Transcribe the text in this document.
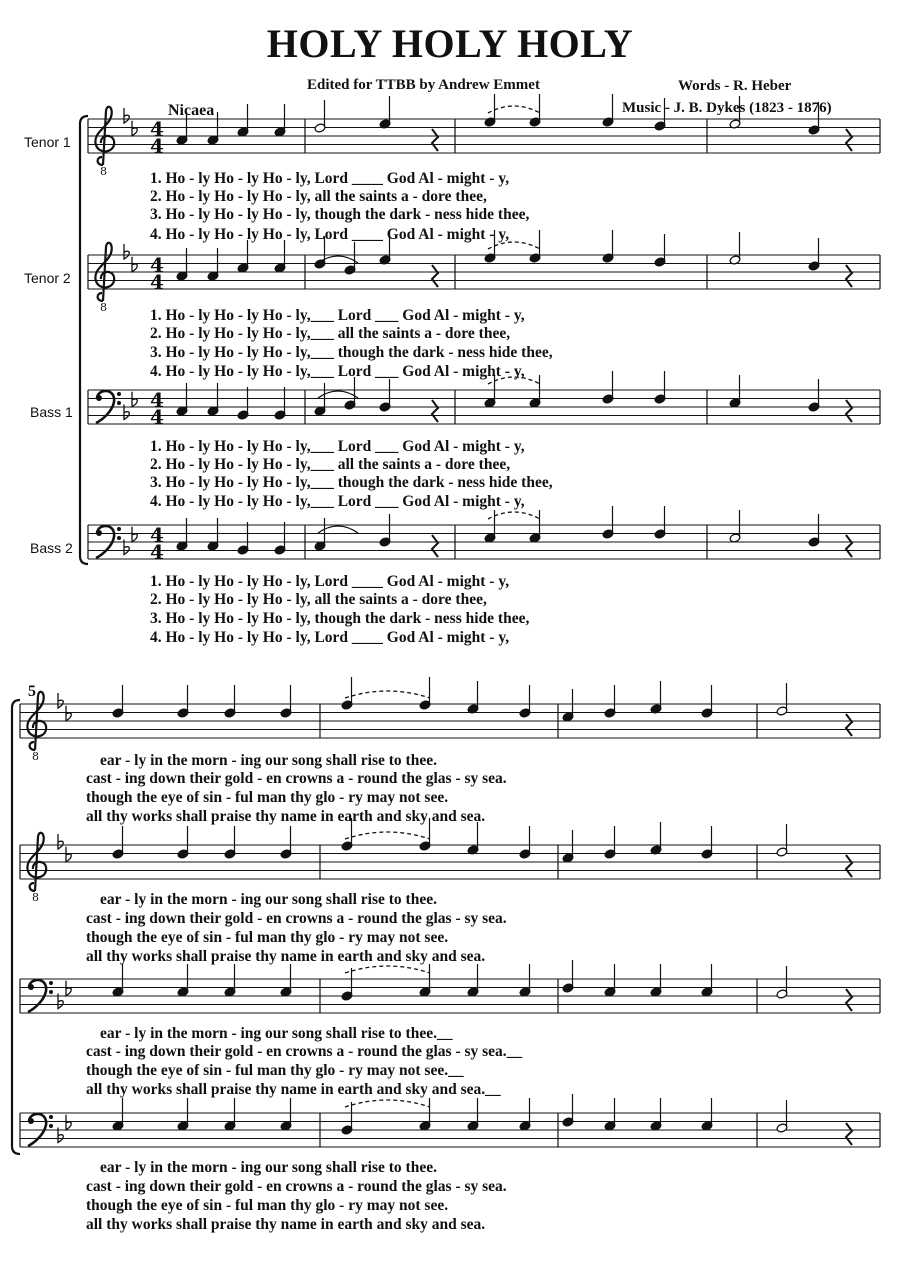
HOLY HOLY HOLY
Edited for TTBB by Andrew Emmet	Words - R. Heber
Music - J. B. Dykes (1823 - 1876)
Nicaea
Tenor 1
Tenor 2
Bass 1
Bass 2
5
1. Ho - ly Ho - ly Ho - ly, Lord ____ God Al - might - y,
2. Ho - ly Ho - ly Ho - ly, all the saints a - dore thee,
3. Ho - ly Ho - ly Ho - ly, though the dark - ness hide thee,
4. Ho - ly Ho - ly Ho - ly, Lord ____ God Al - might - y,
1. Ho - ly Ho - ly Ho - ly,___ Lord ___ God Al - might - y,
2. Ho - ly Ho - ly Ho - ly,___ all the saints a - dore thee,
3. Ho - ly Ho - ly Ho - ly,___ though the dark - ness hide thee,
4. Ho - ly Ho - ly Ho - ly,___ Lord ___ God Al - might - y,
1. Ho - ly Ho - ly Ho - ly,___ Lord ___ God Al - might - y,
2. Ho - ly Ho - ly Ho - ly,___ all the saints a - dore thee,
3. Ho - ly Ho - ly Ho - ly,___ though the dark - ness hide thee,
4. Ho - ly Ho - ly Ho - ly,___ Lord ___ God Al - might - y,
1. Ho - ly Ho - ly Ho - ly, Lord ____ God Al - might - y,
2. Ho - ly Ho - ly Ho - ly, all the saints a - dore thee,
3. Ho - ly Ho - ly Ho - ly, though the dark - ness hide thee,
4. Ho - ly Ho - ly Ho - ly, Lord ____ God Al - might - y,
ear - ly in the morn - ing our song shall rise to thee.
cast - ing down their gold - en crowns a - round the glas - sy sea.
though the eye of sin - ful man thy glo - ry may not see.
all thy works shall praise thy name in earth and sky and sea.
ear - ly in the morn - ing our song shall rise to thee.
cast - ing down their gold - en crowns a - round the glas - sy sea.
though the eye of sin - ful man thy glo - ry may not see.
all thy works shall praise thy name in earth and sky and sea.
ear - ly in the morn - ing our song shall rise to thee.__
cast - ing down their gold - en crowns a - round the glas - sy sea.__
though the eye of sin - ful man thy glo - ry may not see.__
all thy works shall praise thy name in earth and sky and sea.__
ear - ly in the morn - ing our song shall rise to thee.
cast - ing down their gold - en crowns a - round the glas - sy sea.
though the eye of sin - ful man thy glo - ry may not see.
all thy works shall praise thy name in earth and sky and sea.
8
4
4
8
4
4
4
4
4
4
8
8
